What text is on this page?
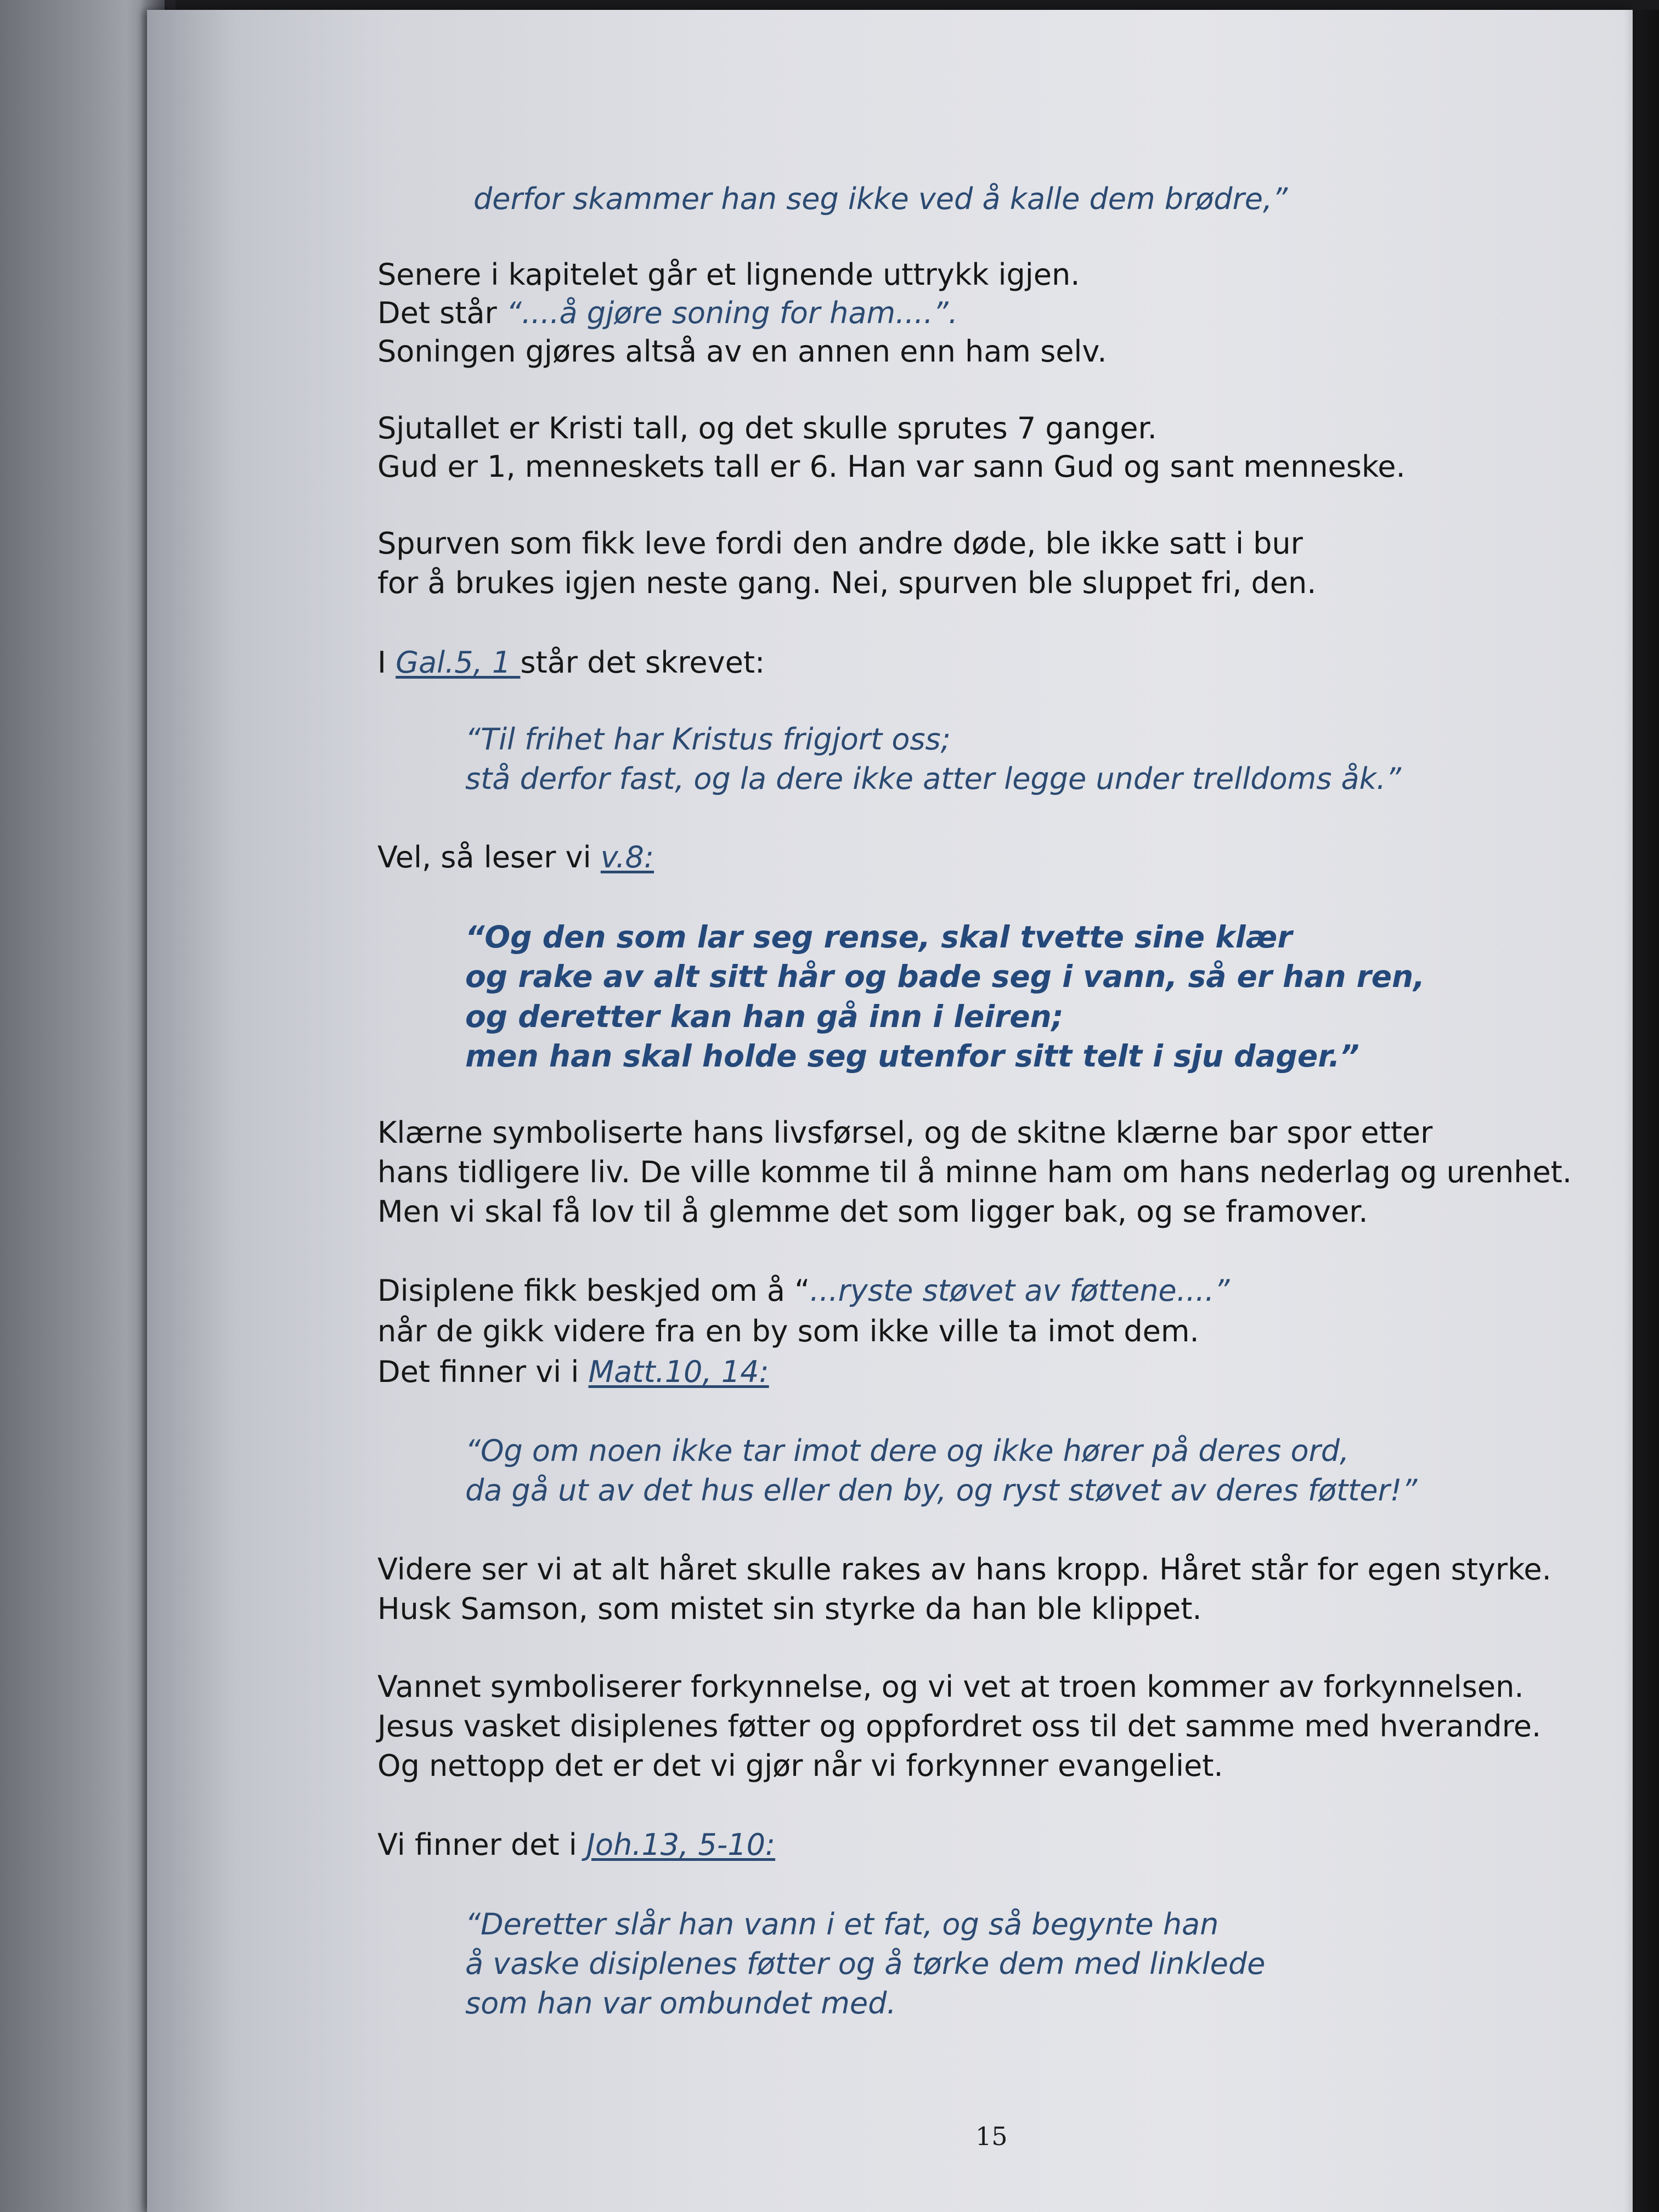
derfor skammer han seg ikke ved å kalle dem brødre,”

Senere i kapitelet går et lignende uttrykk igjen.

Det står “....å gjøre soning for ham....”.

Soningen gjøres altså av en annen enn ham selv.

Sjutallet er Kristi tall, og det skulle sprutes 7 ganger.

Gud er 1, menneskets tall er 6. Han var sann Gud og sant menneske.

Spurven som fikk leve fordi den andre døde, ble ikke satt i bur

for å brukes igjen neste gang. Nei, spurven ble sluppet fri, den.

I Gal.5, 1 står det skrevet:

“Til frihet har Kristus frigjort oss;

stå derfor fast, og la dere ikke atter legge under trelldoms åk.”

Vel, så leser vi v.8:

“Og den som lar seg rense, skal tvette sine klær

og rake av alt sitt hår og bade seg i vann, så er han ren,

og deretter kan han gå inn i leiren;

men han skal holde seg utenfor sitt telt i sju dager.”

Klærne symboliserte hans livsførsel, og de skitne klærne bar spor etter

hans tidligere liv. De ville komme til å minne ham om hans nederlag og urenhet.

Men vi skal få lov til å glemme det som ligger bak, og se framover.

Disiplene fikk beskjed om å “...ryste støvet av føttene....”

når de gikk videre fra en by som ikke ville ta imot dem.

Det finner vi i Matt.10, 14:

“Og om noen ikke tar imot dere og ikke hører på deres ord,

da gå ut av det hus eller den by, og ryst støvet av deres føtter!”

Videre ser vi at alt håret skulle rakes av hans kropp. Håret står for egen styrke.

Husk Samson, som mistet sin styrke da han ble klippet.

Vannet symboliserer forkynnelse, og vi vet at troen kommer av forkynnelsen.

Jesus vasket disiplenes føtter og oppfordret oss til det samme med hverandre.

Og nettopp det er det vi gjør når vi forkynner evangeliet.

Vi finner det i Joh.13, 5-10:

“Deretter slår han vann i et fat, og så begynte han

å vaske disiplenes føtter og å tørke dem med linklede

som han var ombundet med.

15
